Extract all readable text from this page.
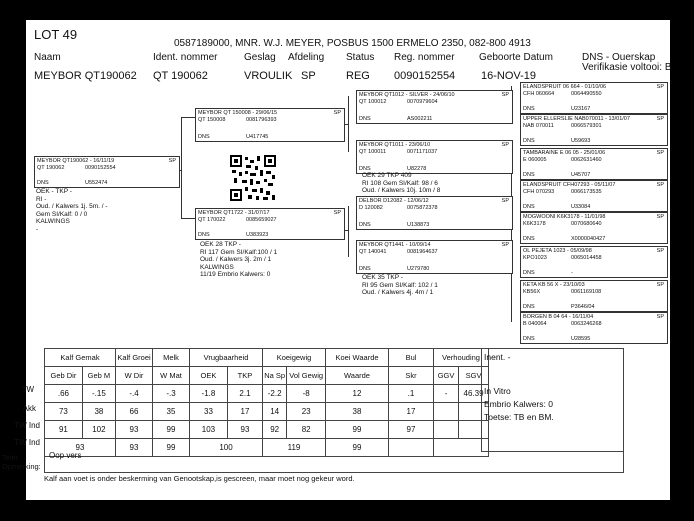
LOT 49
0587189000, MNR. W.J. MEYER, POSBUS 1500 ERMELO 2350, 082-800 4913
Naam	Ident. nommer	Geslag Afdeling Status Reg. nommer Geboorte Datum	DNS - Ouerskap
Verifikasie voltooi: B
MEYBOR QT190062 QT 190062	VROULIK SP	REG 0090152554 16-NOV-19
MEYBOR QT190062 - 16/11/19	SP
QT 190062	0090152554
DNS	U552474
OEK - TKP -
RI -
Oud. / Kalwers 1j. 5m. / -
Gem SI/Kalf: 0 / 0
KALWINGS
-
MEYBOR QT 150008 - 29/06/15	SP
QT 150008	0081796393
DNS	U417745
MEYBOR QT1722 - 31/07/17	SP
QT 170022	0085659027
DNS	U383923
OEK 28 TKP -
RI 117 Gem SI/Kalf:100 / 1
Oud. / Kalwers 3j. 2m / 1
KALWINGS
11/19 Embrio Kalwers: 0
MEYBOR QT1012 - SILVER - 24/06/10	SP
QT 100012	0070979604
DNS	AS002211
MEYBOR QT1011 - 23/06/10	SP
QT 100011	0071171037
DNS	U82278
OEK 29 TKP 409
RI 108 Gem SI/Kalf: 98 / 6
Oud. / Kalwers 10j. 10m / 8
DELBOR D12082 - 12/06/12	SP
D 120082	0075872378
DNS	U138873
MEYBOR QT1441 - 10/09/14	SP
QT 140041	0081964637
DNS	U279780
OEK 35 TKP -
RI 95 Gem SI/Kalf: 102 / 1
Oud. / Kalwers 4j. 4m / 1
ELANDSPRUIT 06 664 - 01/10/06	SP
CFH 060664	0064490550
DNS	U23167
UPPER ELLERSLIE NAB070011 - 13/01/07	SP
NAB 070011	0066579301
DNS	U59693
TAMBARAINE E 06 05 - 25/01/06	SP
E 060005	0062631460
DNS	U45707
ELANDSPRUIT CFH07293 - 05/11/07	SP
CFH 070293	0066173535
DNS	U33084
MOGWOONI K6K3178 - 11/01/98	SP
K6K3178	0070680640
DNS	X0000040427
OL PEJETA 1023 - 05/09/98	SP
KPO1023	0065014458
DNS	-
KETA KB 56 X - 23/10/03	SP
KB56X	0061169108
DNS	P3646/04
BORGEN B 04 64 - 16/11/04	SP
B 040064	0063246268
DNS	U28595
TW
Akk
TW Ind
TW Ind
Teler Opmerking:
Kalf Gemak		Kalf Groei	Melk	Vrugbaarheid		Koeigewig		Koei Waarde	Bul	Verhouding	
Geb Dir	Geb M	W Dir	W Mat	OEK	TKP	Na Sp	Vol Gewig	Waarde	Skr	GGV	SGV
.66	-.15	-.4	-.3	-1.8	2.1	-2.2	-8	12	.1	-	46.39
73	38	66	35	33	17	14	23	38	17		
91	102	93	99	103	93	92	82	99	97		
93		93	99	100		119		99			
Oop vers
Inent. -
In Vitro
Embrio Kalwers: 0
Toetse: TB en BM.
Kalf aan voet is onder beskerming van Genootskap,is gescreen, maar moet nog gekeur word.
